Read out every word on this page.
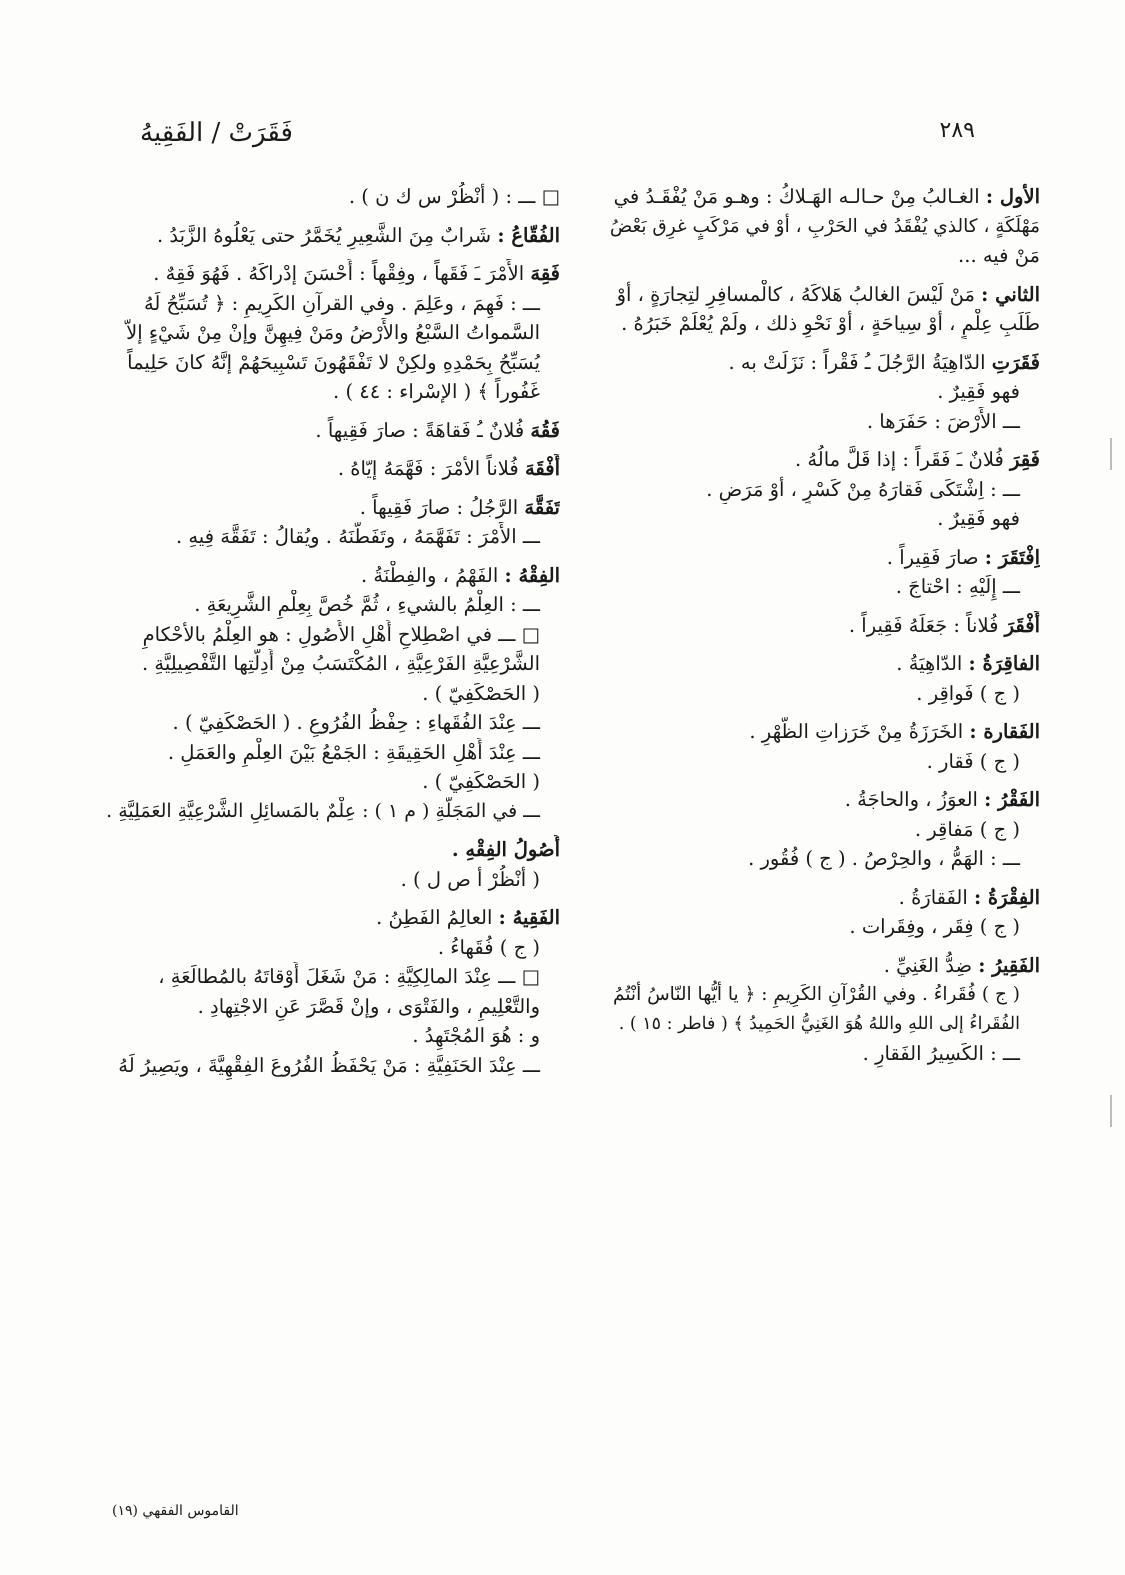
٢٨٩
فَقَرَتْ / الفَقِيهُ
الأول : الغـالبُ مِنْ حـالـه الهَـلاكُ : وهـو مَنْ يُفْقَـدُ في
مَهْلَكَةٍ ، كالذي يُفْقَدُ في الحَرْبِ ، أوْ في مَرْكَبٍ غرِق بَعْضُ
مَنْ فيه ...
الثاني : مَنْ لَيْسَ الغالبُ هَلاكَهُ ، كالْمسافِرِ لتِجارَةٍ ، أوْ
طَلَبِ عِلْمٍ ، أوْ سِياحَةٍ ، أوْ نَحْوِ ذلك ، ولَمْ يُعْلَمْ خَبَرُهُ .
فَقَرَتِ الدّاهِيَةُ الرَّجُلَ ـُ فَقْراً : نَزَلَتْ به .
فهو فَقِيرٌ .
ـــ الأَرْضَ : حَفَرَها .
فَقِرَ فُلانٌ ـَ فَقَراً : إذا قَلَّ مالُهُ .
ـــ : اِشْتَكَى فَقارَهُ مِنْ كَسْرٍ ، أوْ مَرَضٍ .
فهو فَقِيرٌ .
اِفْتَقَرَ : صارَ فَقِيراً .
ـــ إِلَيْهِ : احْتاجَ .
أَفْقَرَ فُلاناً : جَعَلَهُ فَقِيراً .
الفاقِرَةُ : الدّاهِيَةُ .
( ج ) فَواقِر .
الفَقارة : الخَرَزَةُ مِنْ خَرَزاتِ الظَّهْرِ .
( ج ) فَقار .
الفَقْرُ : العوَزُ ، والحاجَةُ .
( ج ) مَفاقِر .
ـــ : الهَمُّ ، والحِرْصُ . ( ج ) فُقُور .
الفِقْرَةُ : الفَقارَةُ .
( ج ) فِقَر ، وفِقَرات .
الفَقِيرُ : ضِدُّ الغَنِيِّ .
( ج ) فُقَراءُ . وفي القُرْآنِ الكَرِيمِ : ﴿ يا أيُّها النّاسُ أنْتُمُ
الفُقَراءُ إلى اللهِ واللهُ هُوَ الغَنِيُّ الحَمِيدُ ﴾ ( فاطر : ١٥ ) .
ـــ : الكَسِيرُ الفَقارِ .
□ ـــ : ( أنْظُرْ س ك ن ) .
الفُقّاعُ : شَرابٌ مِنَ الشَّعِيرِ يُخَمَّرُ حتى يَعْلُوهُ الزَّبَدُ .
فَقِهَ الأَمْرَ ـَ فَقَهاً ، وفِقْهاً : أَحْسَنَ إدْراكَهُ . فَهُوَ فَقِهٌ .
ـــ : فَهِمَ ، وعَلِمَ . وفي القرآنِ الكَرِيمِ : ﴿ تُسَبِّحُ لَهُ
السَّمواتُ السَّبْعُ والأَرْضُ ومَنْ فِيهِنَّ وإنْ مِنْ شَيْءٍ إلاّ
يُسَبِّحُ بِحَمْدِهِ ولكِنْ لا تَفْقَهُونَ تَسْبِيحَهُمْ إنَّهُ كانَ حَلِيماً
غَفُوراً ﴾ ( الإسْراء : ٤٤ ) .
فَقُهَ فُلانٌ ـُ فَقاهَةً : صارَ فَقِيهاً .
أَفْقَهَ فُلاناً الأمْرَ : فَهَّمَهُ إيّاهُ .
تَفَقَّهَ الرَّجُلُ : صارَ فَقِيهاً .
ـــ الأَمْرَ : تَفَهَّمَهُ ، وتَفَطَّنَهُ . ويُقالُ : تَفَقَّهَ فِيهِ .
الفِقْهُ : الفَهْمُ ، والفِطْنَةُ .
ـــ : العِلْمُ بالشيءِ ، ثُمَّ خُصَّ بِعِلْمِ الشَّرِيعَةِ .
□ ـــ في اصْطِلاحِ أَهْلِ الأُصُولِ : هو العِلْمُ بالأحْكامِ
الشَّرْعِيَّةِ الفَرْعِيَّةِ ، المُكْتَسَبُ مِنْ أَدِلَّتِها التَّفْصِيلِيَّةِ .
( الحَصْكَفِيّ ) .
ـــ عِنْدَ الفُقَهاءِ : حِفْظُ الفُرُوعِ . ( الحَصْكَفِيّ ) .
ـــ عِنْدَ أَهْلِ الحَقِيقَةِ : الجَمْعُ بَيْنَ العِلْمِ والعَمَلِ .
( الحَصْكَفِيّ ) .
ـــ في المَجَلَّةِ ( م ١ ) : عِلْمٌ بالمَسائِلِ الشَّرْعِيَّةِ العَمَلِيَّةِ .
أُصُولُ الفِقْهِ .
( أنْظُرْ أ ص ل ) .
الفَقِيهُ : العالِمُ الفَطِنُ .
( ج ) فُقَهاءُ .
□ ـــ عِنْدَ المالِكِيَّةِ : مَنْ شَغَلَ أَوْقاتَهُ بالمُطالَعَةِ ،
والتَّعْلِيمِ ، والفَتْوَى ، وإنْ قَصَّرَ عَنِ الاجْتِهادِ .
و : هُوَ المُجْتَهِدُ .
ـــ عِنْدَ الحَنَفِيَّةِ : مَنْ يَحْفَظُ الفُرُوعَ الفِقْهِيَّةَ ، ويَصِيرُ لَهُ
القاموس الفقهي (١٩)
